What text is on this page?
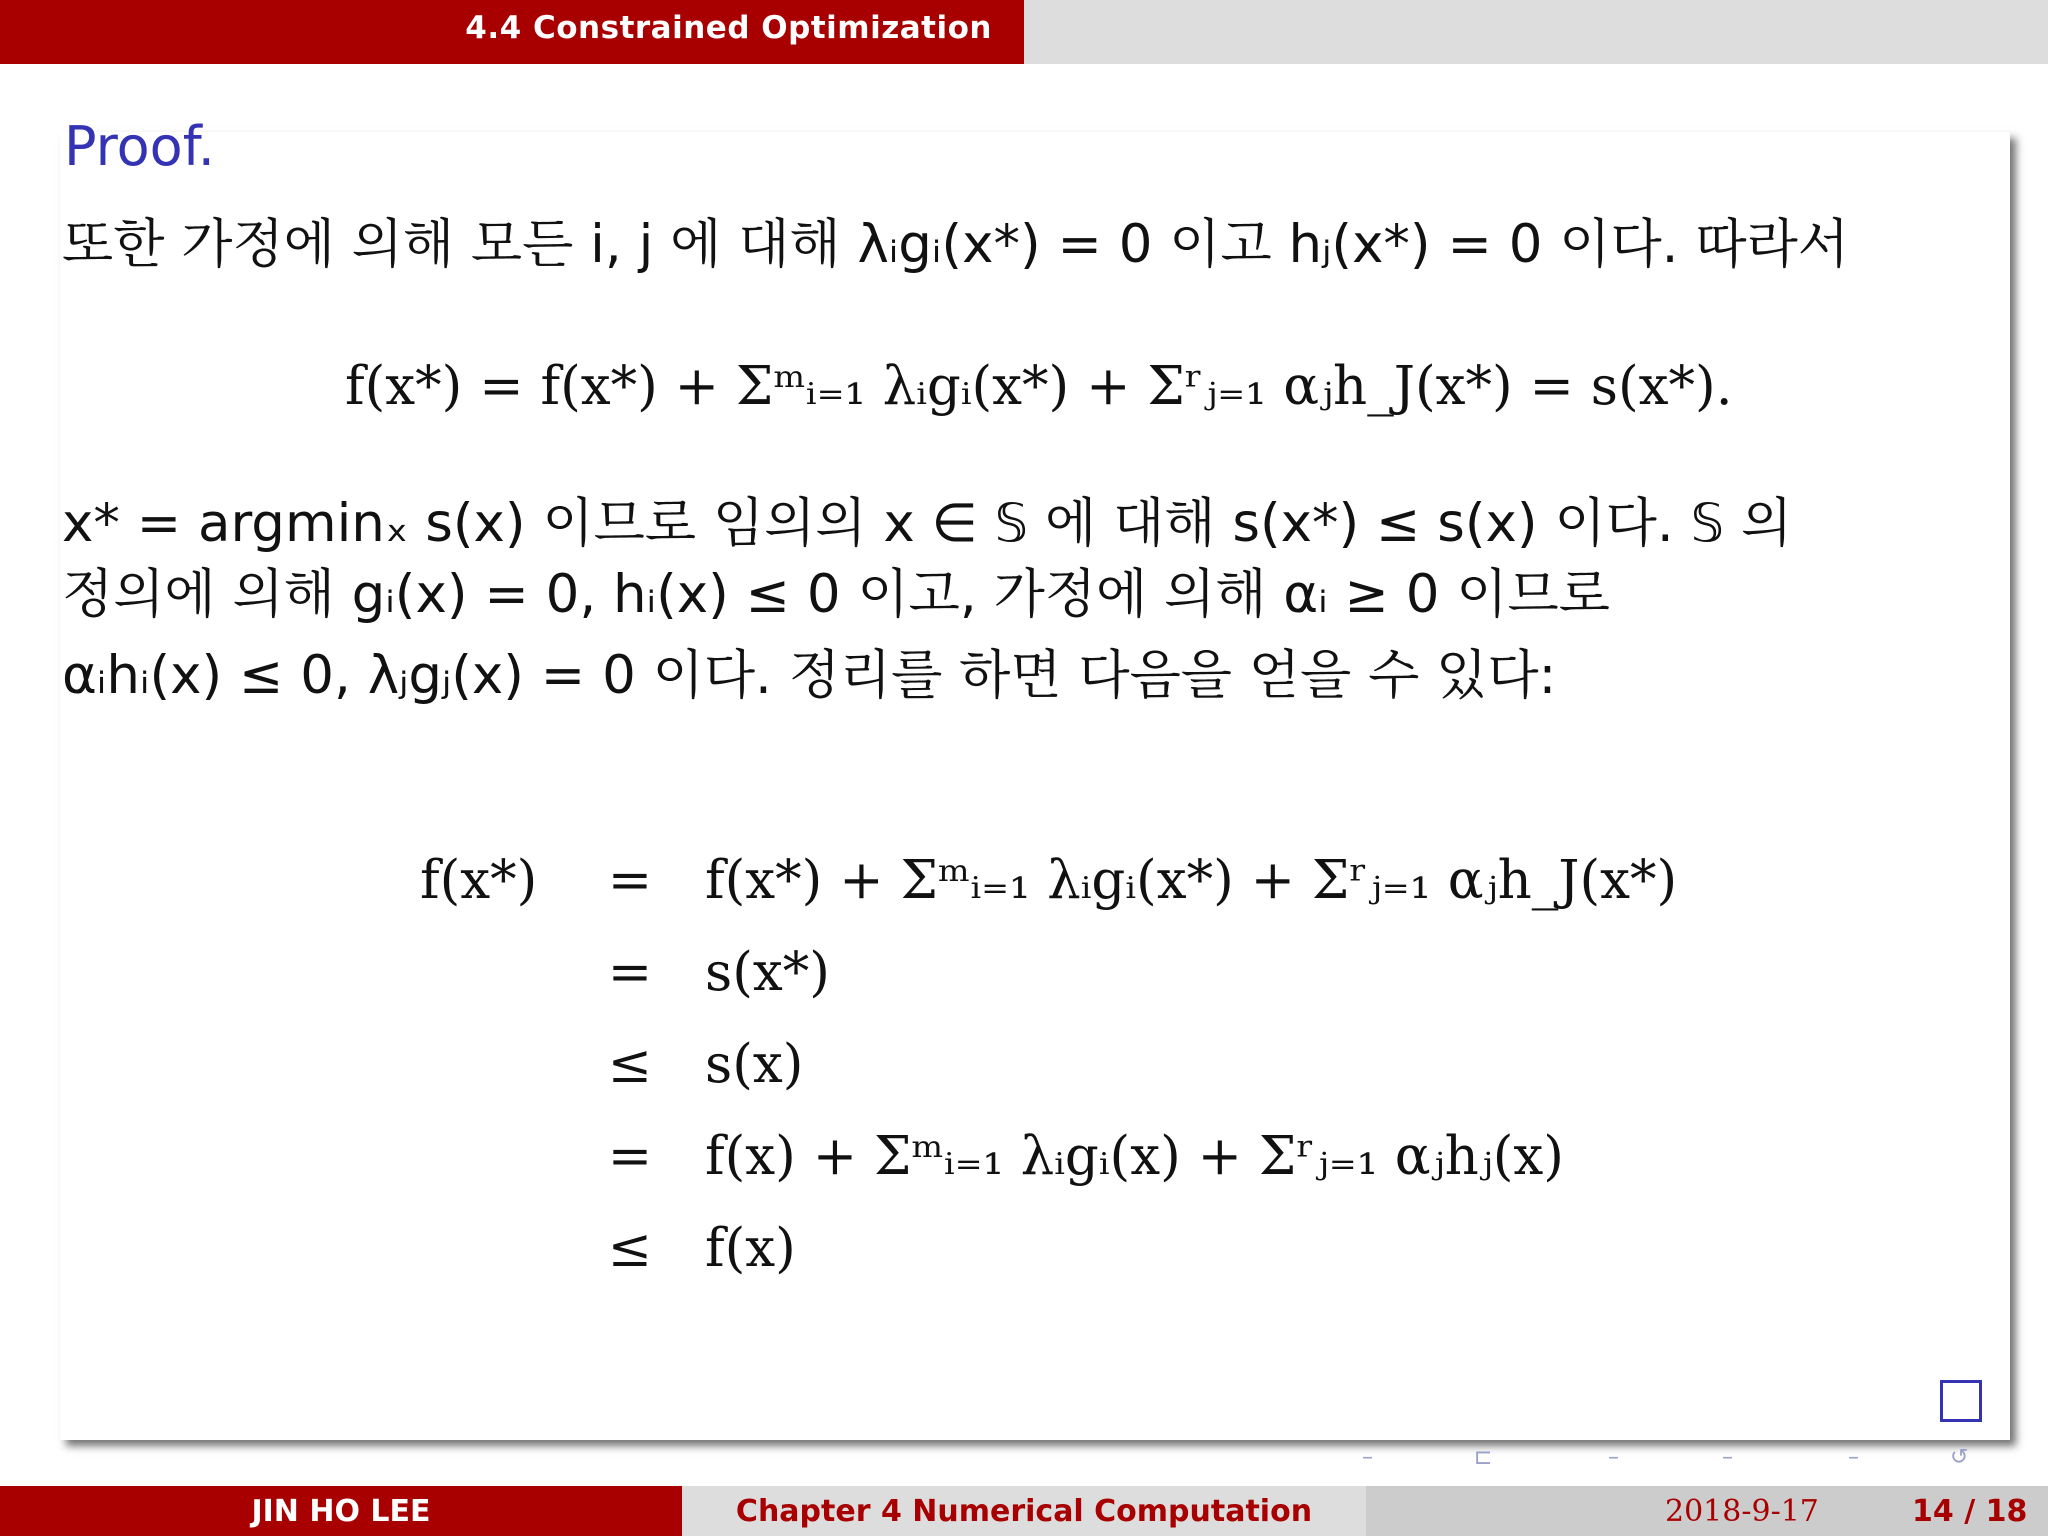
4.4 Constrained Optimization
Proof.
또한 가정에 의해 모든 i, j 에 대해 λᵢgᵢ(x*) = 0 이고 hⱼ(x*) = 0 이다. 따라서
f(x*) = f(x*) + Σᵐᵢ₌₁ λᵢgᵢ(x*) + Σʳⱼ₌₁ αⱼh_J(x*) = s(x*).
x* = argminₓ s(x) 이므로 임의의 x ∈ 𝕊 에 대해 s(x*) ≤ s(x) 이다. 𝕊 의
정의에 의해 gᵢ(x) = 0, hᵢ(x) ≤ 0 이고, 가정에 의해 αᵢ ≥ 0 이므로
αᵢhᵢ(x) ≤ 0, λⱼgⱼ(x) = 0 이다. 정리를 하면 다음을 얻을 수 있다:
f(x*) = f(x*) + Σᵐᵢ₌₁ λᵢgᵢ(x*) + Σʳⱼ₌₁ αⱼh_J(x*)
= s(x*)
≤ s(x)
= f(x) + Σᵐᵢ₌₁ λᵢgᵢ(x) + Σʳⱼ₌₁ αⱼhⱼ(x)
≤ f(x)
–	⊏	–	–	–	↺
JIN HO LEE	Chapter 4 Numerical Computation	2018-9-17	14 / 18
